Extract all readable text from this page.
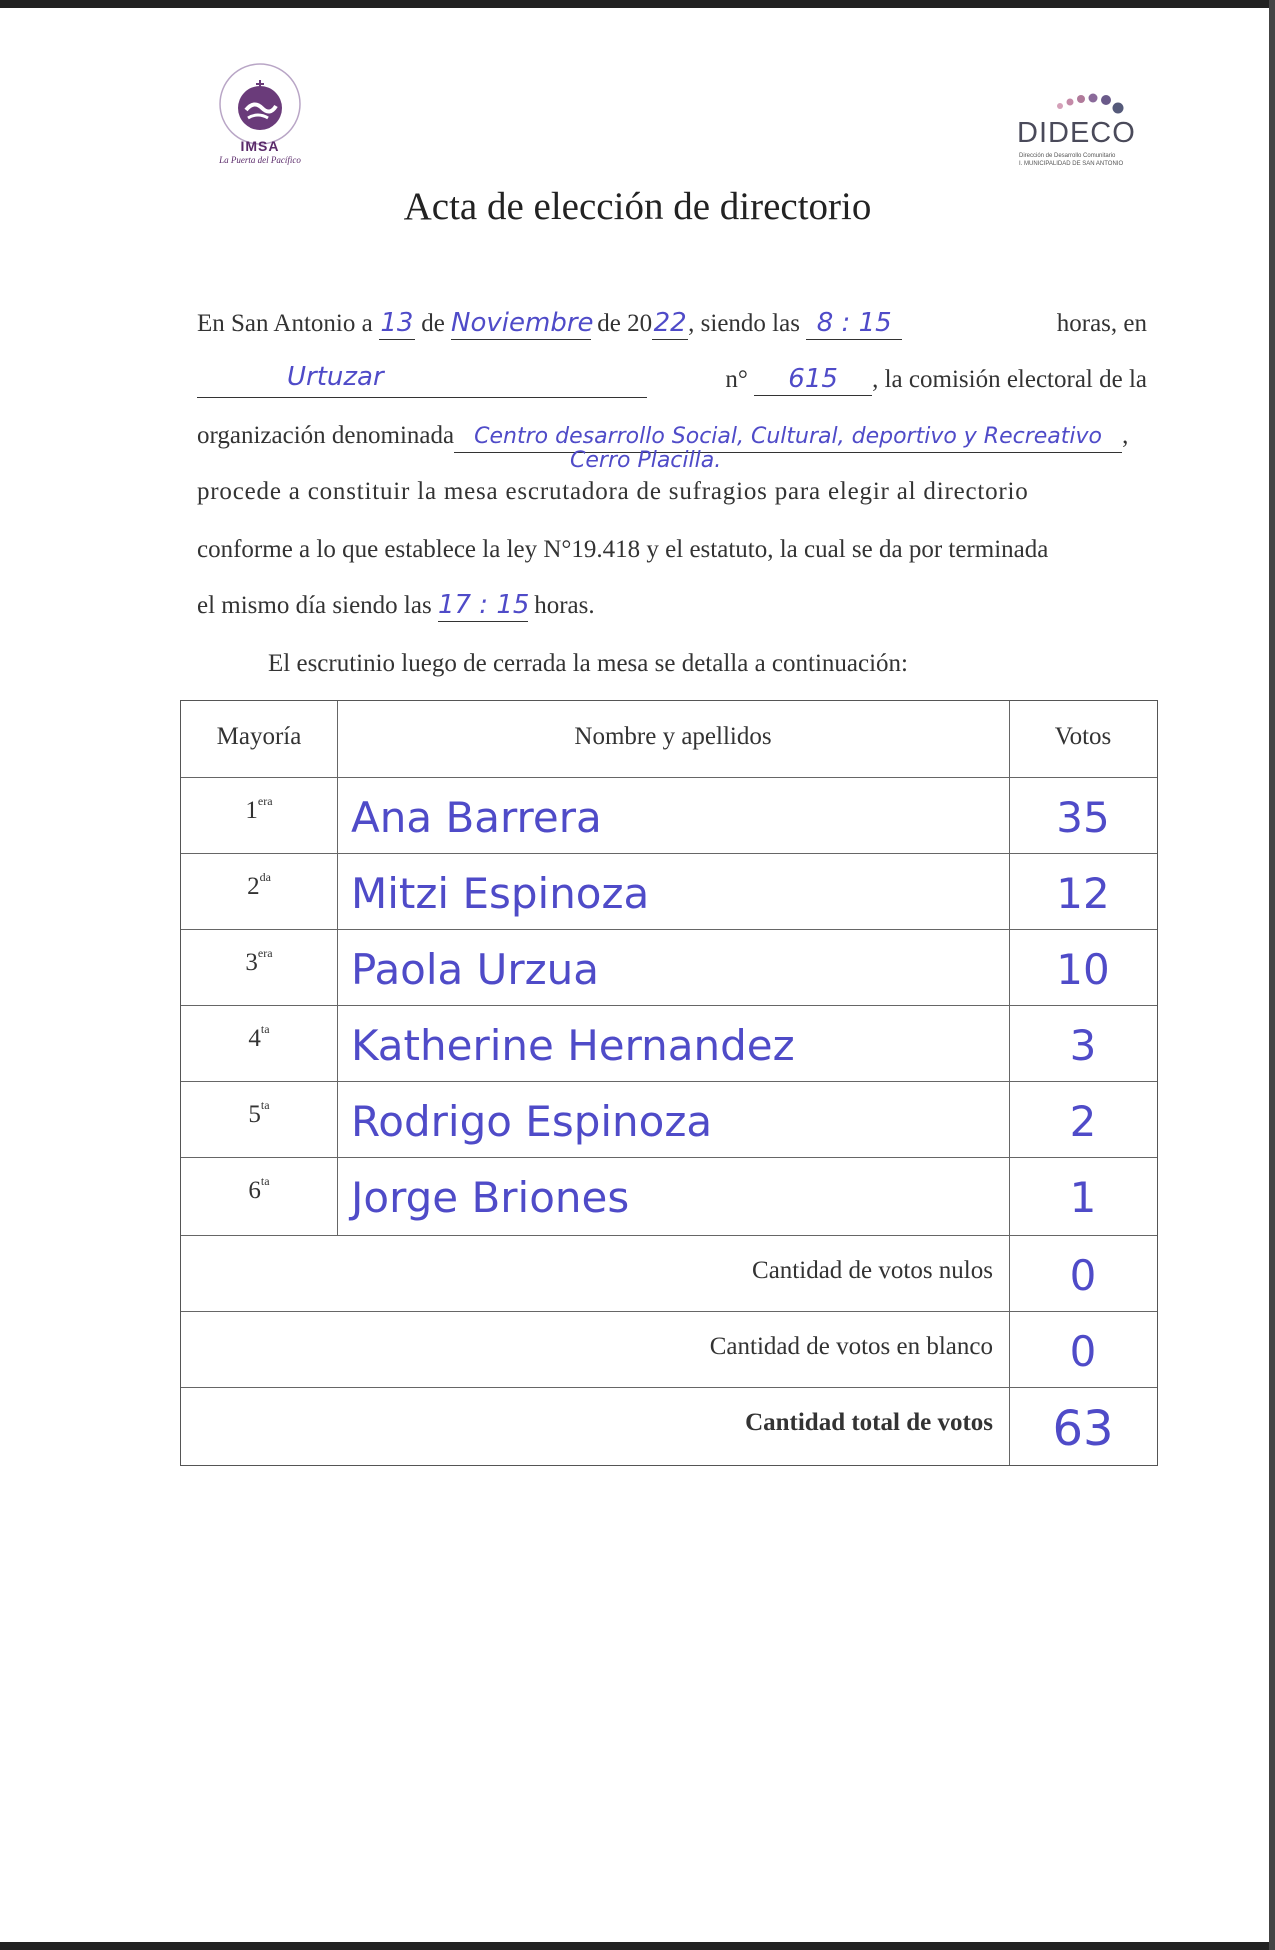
IMSA
La Puerta del Pacífico
DIDECO
Dirección de Desarrollo Comunitario
I. MUNICIPALIDAD DE SAN ANTONIO
Acta de elección de directorio
En San Antonio a 13 de Noviembre de 2022, siendo las 8 : 15	horas, en
Urtuzar	n° 615 , la comisión electoral de la
organización denominada Centro desarrollo Social, Cultural, deportivo y Recreativo ,
Cerro Placilla.
procede a constituir la mesa escrutadora de sufragios para elegir al directorio
conforme a lo que establece la ley N°19.418 y el estatuto, la cual se da por terminada
el mismo día siendo las 17 : 15 horas.
El escrutinio luego de cerrada la mesa se detalla a continuación:
Mayoría	Nombre y apellidos	Votos
$1^{era}$	Ana Barrera	35
$2^{da}$	Mitzi Espinoza	12
$3^{era}$	Paola Urzua	10
$4^{ta}$	Katherine Hernandez	3
$5^{ta}$	Rodrigo Espinoza	2
$6^{ta}$	Jorge Briones	1
Cantidad de votos nulos	0
Cantidad de votos en blanco	0
Cantidad total de votos	63
